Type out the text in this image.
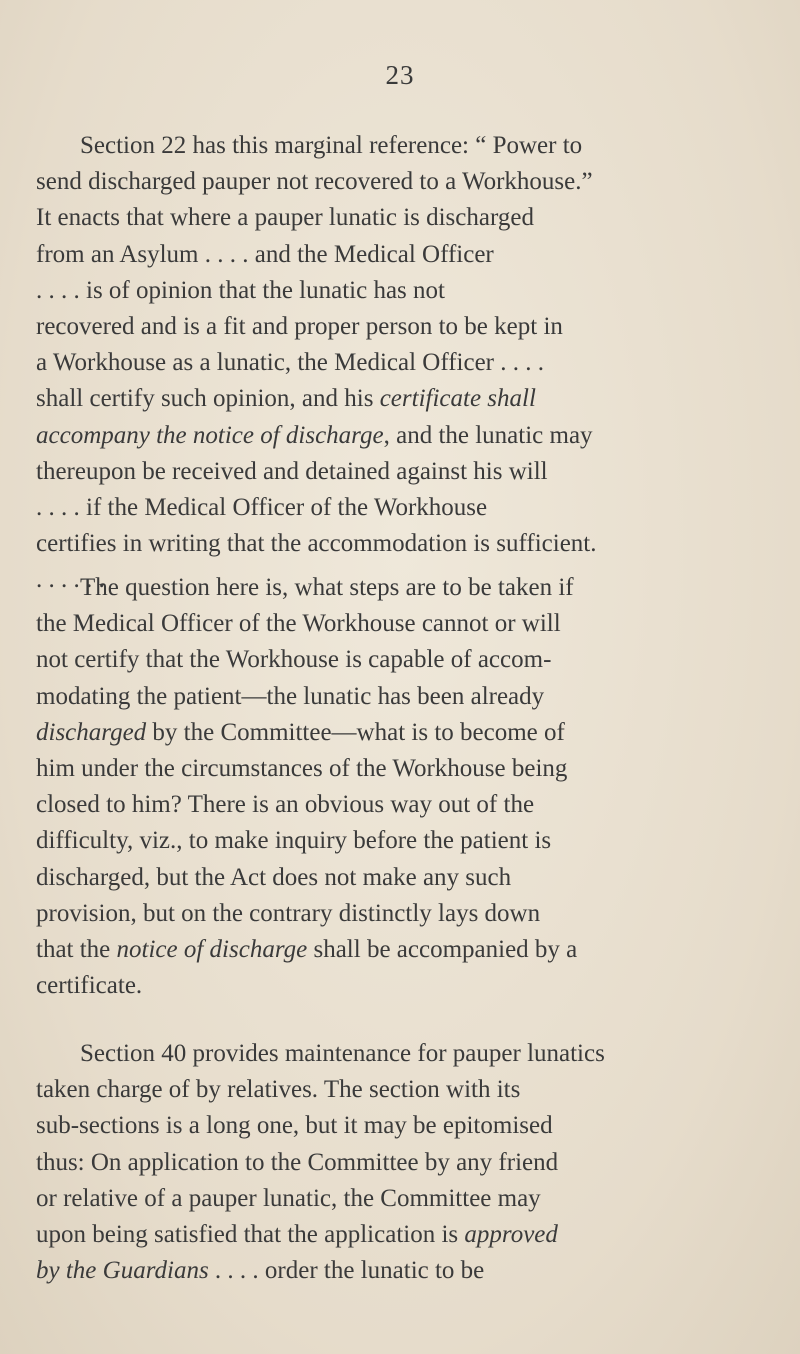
23
Section 22 has this marginal reference: “ Power to
send discharged pauper not recovered to a Workhouse.”
It enacts that where a pauper lunatic is discharged
from an Asylum . . . . and the Medical Officer
. . . . is of opinion that the lunatic has not
recovered and is a fit and proper person to be kept in
a Workhouse as a lunatic, the Medical Officer . . . .
shall certify such opinion, and his certificate shall
accompany the notice of discharge, and the lunatic may
thereupon be received and detained against his will
. . . . if the Medical Officer of the Workhouse
certifies in writing that the accommodation is sufficient.
. . . . . .
The question here is, what steps are to be taken if
the Medical Officer of the Workhouse cannot or will
not certify that the Workhouse is capable of accom-
modating the patient—the lunatic has been already
discharged by the Committee—what is to become of
him under the circumstances of the Workhouse being
closed to him? There is an obvious way out of the
difficulty, viz., to make inquiry before the patient is
discharged, but the Act does not make any such
provision, but on the contrary distinctly lays down
that the notice of discharge shall be accompanied by a
certificate.
Section 40 provides maintenance for pauper lunatics
taken charge of by relatives. The section with its
sub-sections is a long one, but it may be epitomised
thus: On application to the Committee by any friend
or relative of a pauper lunatic, the Committee may
upon being satisfied that the application is approved
by the Guardians . . . . order the lunatic to be
